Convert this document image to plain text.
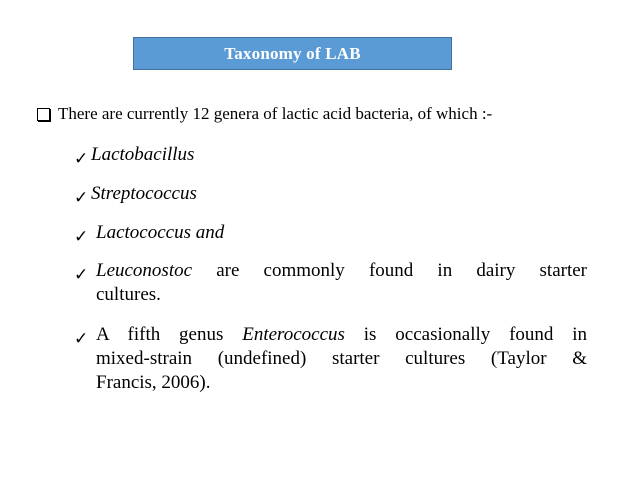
Taxonomy of LAB
There are currently 12 genera of lactic acid bacteria, of which :-
✓ Lactobacillus
✓ Streptococcus
✓ Lactococcus and
✓ Leuconostoc are commonly found in dairy starter
cultures.
✓ A fifth genus Enterococcus is occasionally found in
mixed-strain (undefined) starter cultures (Taylor &
Francis, 2006).
